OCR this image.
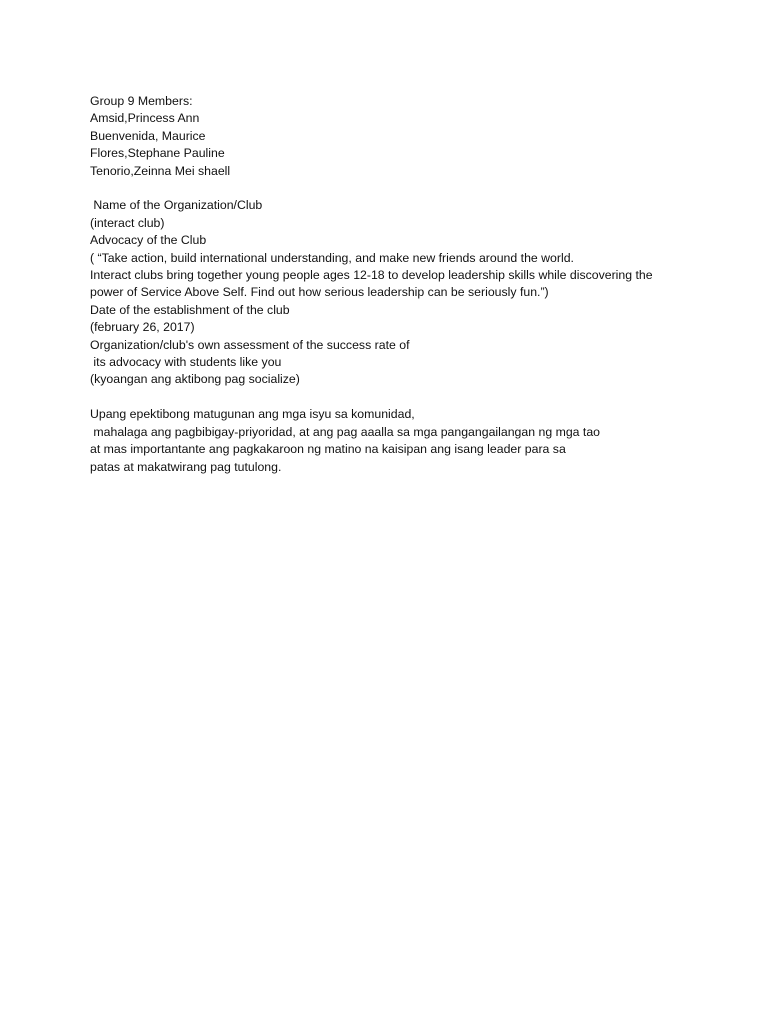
Group 9 Members:
Amsid,Princess Ann
Buenvenida, Maurice
Flores,Stephane Pauline
Tenorio,Zeinna Mei shaell
Name of the Organization/Club
(interact club)
Advocacy of the Club
( “Take action, build international understanding, and make new friends around the world.
Interact clubs bring together young people ages 12-18 to develop leadership skills while discovering the
power of Service Above Self. Find out how serious leadership can be seriously fun.”)
Date of the establishment of the club
(february 26, 2017)
Organization/club's own assessment of the success rate of
its advocacy with students like you
(kyoangan ang aktibong pag socialize)
Upang epektibong matugunan ang mga isyu sa komunidad,
mahalaga ang pagbibigay-priyoridad, at ang pag aaalla sa mga pangangailangan ng mga tao
at mas importantante ang pagkakaroon ng matino na kaisipan ang isang leader para sa
patas at makatwirang pag tutulong.
